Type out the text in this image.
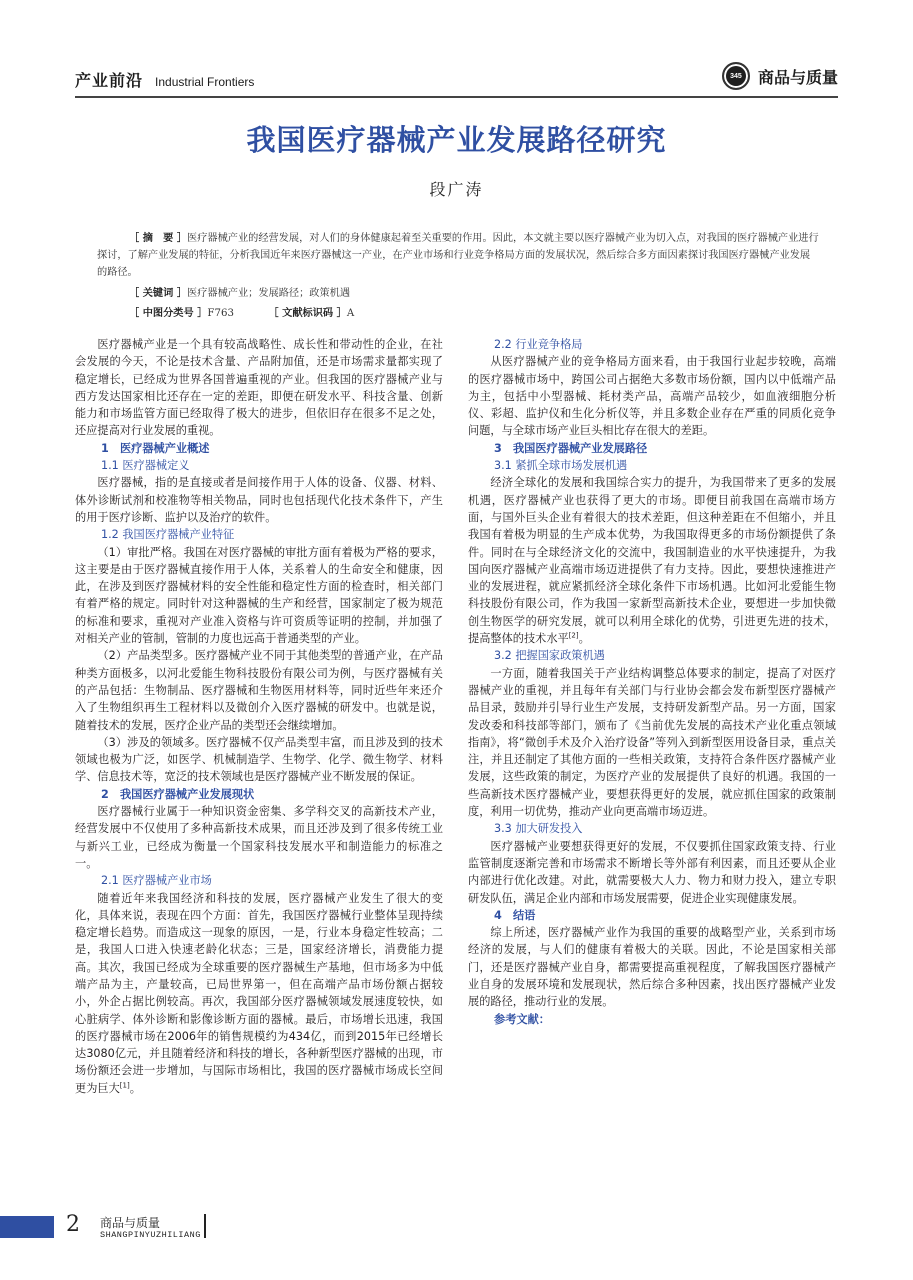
产业前沿 Industrial Frontiers	345	商品与质量
我国医疗器械产业发展路径研究
段广涛

［ 摘　要 ］医疗器械产业的经营发展，对人们的身体健康起着至关重要的作用。因此，本文就主要以医疗器械产业为切入点，对我国的医疗器械产业进行探讨，了解产业发展的特征，分析我国近年来医疗器械这一产业，在产业市场和行业竞争格局方面的发展状况，然后综合多方面因素探讨我国医疗器械产业发展的路径。

［ 关键词 ］医疗器械产业；发展路径；政策机遇
［ 中图分类号 ］F763	［ 文献标识码 ］A

医疗器械产业是一个具有较高战略性、成长性和带动性的企业，在社会发展的今天，不论是技术含量、产品附加值，还是市场需求量都实现了稳定增长，已经成为世界各国普遍重视的产业。但我国的医疗器械产业与西方发达国家相比还存在一定的差距，即便在研发水平、科技含量、创新能力和市场监管方面已经取得了极大的进步，但依旧存在很多不足之处，还应提高对行业发展的重视。

1　医疗器械产业概述
1.1 医疗器械定义

医疗器械，指的是直接或者是间接作用于人体的设备、仪器、材料、体外诊断试剂和校准物等相关物品，同时也包括现代化技术条件下，产生的用于医疗诊断、监护以及治疗的软件。

1.2 我国医疗器械产业特征

（1）审批严格。我国在对医疗器械的审批方面有着极为严格的要求，这主要是由于医疗器械直接作用于人体，关系着人的生命安全和健康，因此，在涉及到医疗器械材料的安全性能和稳定性方面的检查时，相关部门有着严格的规定。同时针对这种器械的生产和经营，国家制定了极为规范的标准和要求，重视对产业准入资格与许可资质等证明的控制，并加强了对相关产业的管制，管制的力度也远高于普通类型的产业。

（2）产品类型多。医疗器械产业不同于其他类型的普通产业，在产品种类方面极多，以河北爱能生物科技股份有限公司为例，与医疗器械有关的产品包括：生物制品、医疗器械和生物医用材料等，同时近些年来还介入了生物组织再生工程材料以及微创介入医疗器械的研发中。也就是说，随着技术的发展，医疗企业产品的类型还会继续增加。

（3）涉及的领域多。医疗器械不仅产品类型丰富，而且涉及到的技术领域也极为广泛，如医学、机械制造学、生物学、化学、微生物学、材料学、信息技术等，宽泛的技术领域也是医疗器械产业不断发展的保证。

2　我国医疗器械产业发展现状

医疗器械行业属于一种知识资金密集、多学科交叉的高新技术产业，经营发展中不仅使用了多种高新技术成果，而且还涉及到了很多传统工业与新兴工业，已经成为衡量一个国家科技发展水平和制造能力的标准之一。

2.1 医疗器械产业市场

随着近年来我国经济和科技的发展，医疗器械产业发生了很大的变化，具体来说，表现在四个方面：首先，我国医疗器械行业整体呈现持续稳定增长趋势。而造成这一现象的原因，一是，行业本身稳定性较高；二是，我国人口进入快速老龄化状态；三是，国家经济增长，消费能力提高。其次，我国已经成为全球重要的医疗器械生产基地，但市场多为中低端产品为主，产量较高，已局世界第一，但在高端产品市场份额占据较小，外企占据比例较高。再次，我国部分医疗器械领域发展速度较快，如心脏病学、体外诊断和影像诊断方面的器械。最后，市场增长迅速，我国的医疗器械市场在2006年的销售规模约为434亿，而到2015年已经增长达3080亿元，并且随着经济和科技的增长，各种新型医疗器械的出现，市场份额还会进一步增加，与国际市场相比，我国的医疗器械市场成长空间更为巨大[1]。

2.2 行业竞争格局

从医疗器械产业的竞争格局方面来看，由于我国行业起步较晚，高端的医疗器械市场中，跨国公司占据绝大多数市场份额，国内以中低端产品为主，包括中小型器械、耗材类产品，高端产品较少，如血液细胞分析仪、彩超、监护仪和生化分析仪等，并且多数企业存在严重的同质化竞争问题，与全球市场产业巨头相比存在很大的差距。

3　我国医疗器械产业发展路径
3.1 紧抓全球市场发展机遇

经济全球化的发展和我国综合实力的提升，为我国带来了更多的发展机遇，医疗器械产业也获得了更大的市场。即便目前我国在高端市场方面，与国外巨头企业有着很大的技术差距，但这种差距在不但缩小，并且我国有着极为明显的生产成本优势，为我国取得更多的市场份额提供了条件。同时在与全球经济文化的交流中，我国制造业的水平快速提升，为我国向医疗器械产业高端市场迈进提供了有力支持。因此，要想快速推进产业的发展进程，就应紧抓经济全球化条件下市场机遇。比如河北爱能生物科技股份有限公司，作为我国一家新型高新技术企业，要想进一步加快微创生物医学的研究发展，就可以利用全球化的优势，引进更先进的技术，提高整体的技术水平[2]。

3.2 把握国家政策机遇

一方面，随着我国关于产业结构调整总体要求的制定，提高了对医疗器械产业的重视，并且每年有关部门与行业协会都会发布新型医疗器械产品目录，鼓励并引导行业生产发展，支持研发新型产品。另一方面，国家发改委和科技部等部门，颁布了《当前优先发展的高技术产业化重点领域指南》，将“微创手术及介入治疗设备”等列入到新型医用设备目录，重点关注，并且还制定了其他方面的一些相关政策，支持符合条件医疗器械产业发展，这些政策的制定，为医疗产业的发展提供了良好的机遇。我国的一些高新技术医疗器械产业，要想获得更好的发展，就应抓住国家的政策制度，利用一切优势，推动产业向更高端市场迈进。

3.3 加大研发投入

医疗器械产业要想获得更好的发展，不仅要抓住国家政策支持、行业监管制度逐渐完善和市场需求不断增长等外部有利因素，而且还要从企业内部进行优化改建。对此，就需要极大人力、物力和财力投入，建立专职研发队伍，满足企业内部和市场发展需要，促进企业实现健康发展。

4　结语

综上所述，医疗器械产业作为我国的重要的战略型产业，关系到市场经济的发展，与人们的健康有着极大的关联。因此，不论是国家相关部门，还是医疗器械产业自身，都需要提高重视程度，了解我国医疗器械产业自身的发展环境和发展现状，然后综合多种因素，找出医疗器械产业发展的路径，推动行业的发展。

参考文献：
2 商品与质量
SHANGPINYUZHILIANG
